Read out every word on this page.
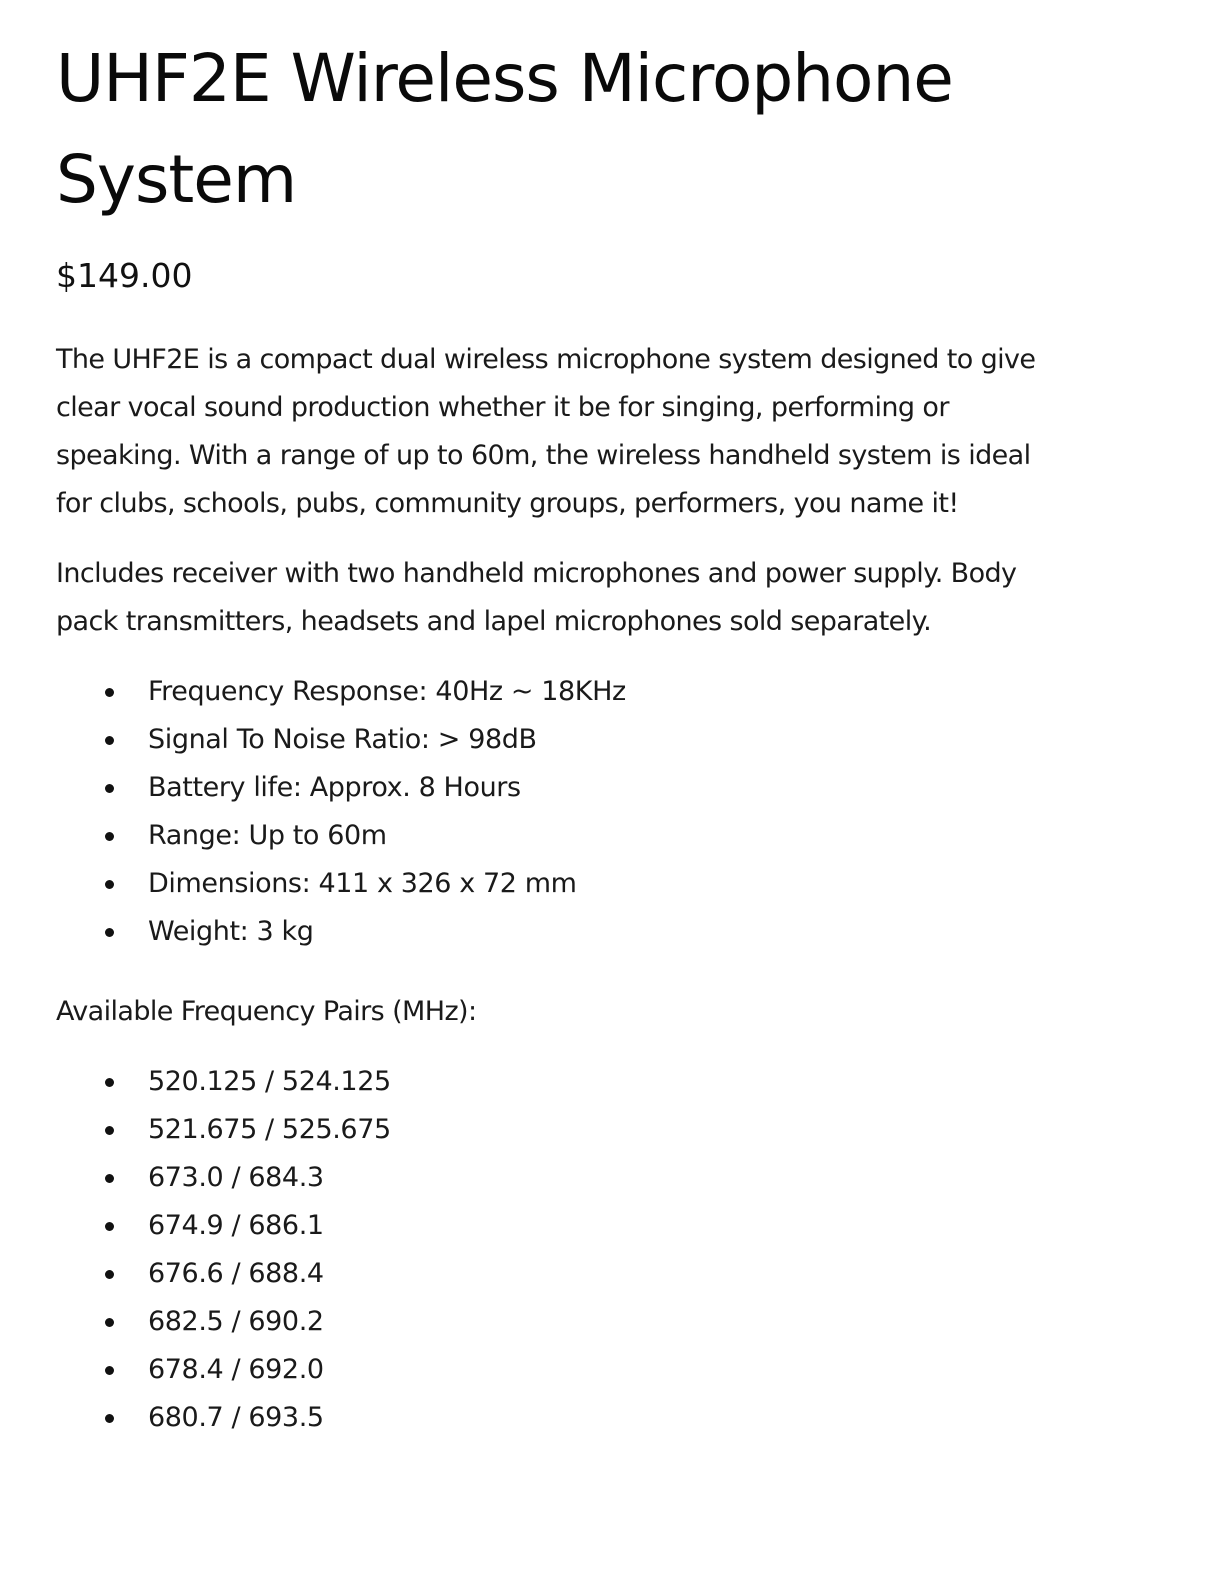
UHF2E Wireless Microphone System
$149.00

The UHF2E is a compact dual wireless microphone system designed to give clear vocal sound production whether it be for singing, performing or speaking. With a range of up to 60m, the wireless handheld system is ideal for clubs, schools, pubs, community groups, performers, you name it!

Includes receiver with two handheld microphones and power supply. Body pack transmitters, headsets and lapel microphones sold separately.

Frequency Response: 40Hz ~ 18KHz
Signal To Noise Ratio: > 98dB
Battery life: Approx. 8 Hours
Range: Up to 60m
Dimensions: 411 x 326 x 72 mm
Weight: 3 kg

Available Frequency Pairs (MHz):

520.125 / 524.125
521.675 / 525.675
673.0 / 684.3
674.9 / 686.1
676.6 / 688.4
682.5 / 690.2
678.4 / 692.0
680.7 / 693.5
